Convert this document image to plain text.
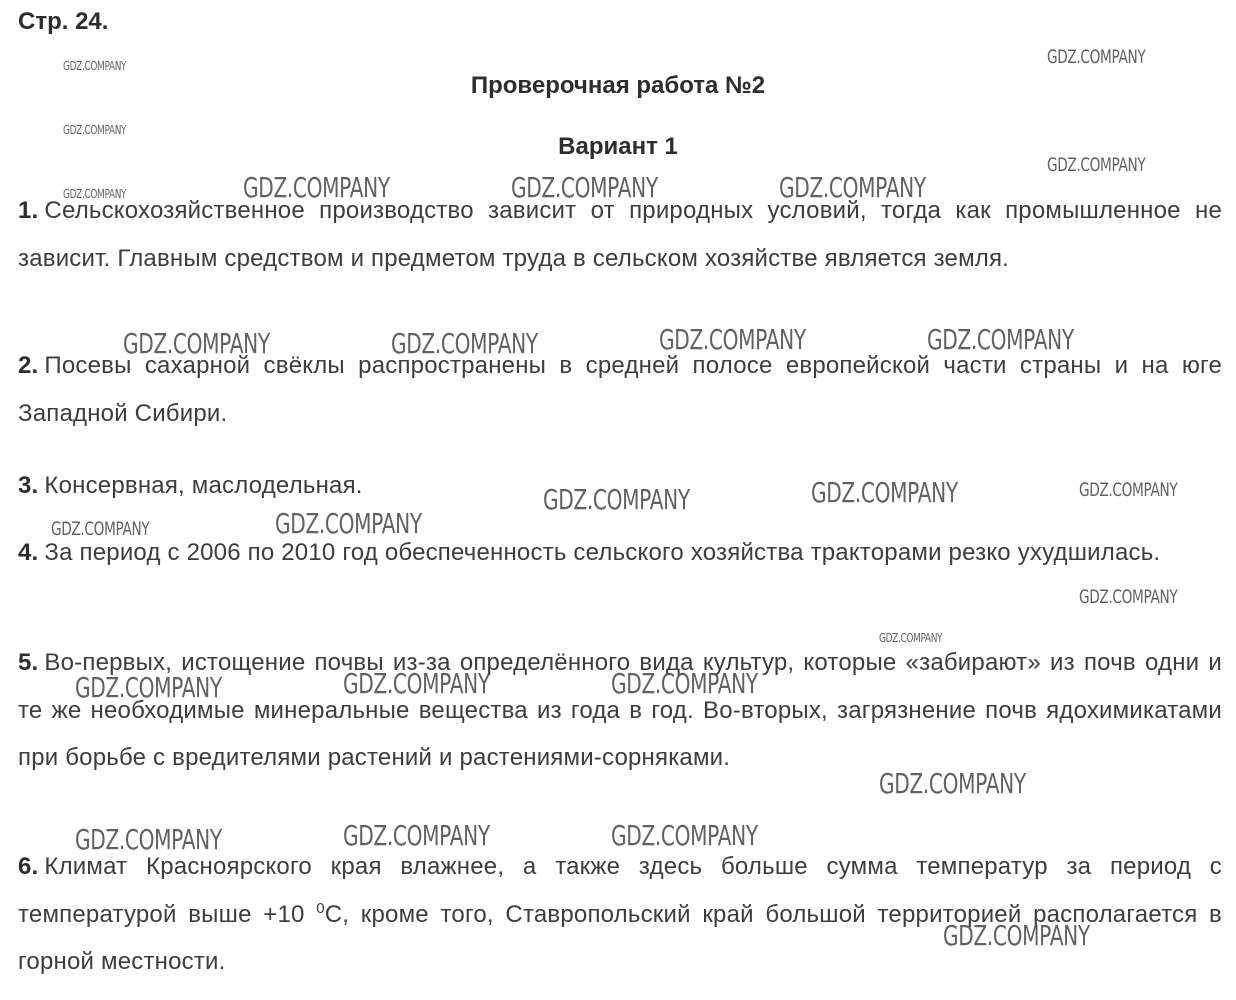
Стр. 24.
Проверочная работа №2
Вариант 1

1. Сельскохозяйственное производство зависит от природных условий, тогда как промышленное не зависит. Главным средством и предметом труда в сельском хозяйстве является земля.

2. Посевы сахарной свёклы распространены в средней полосе европейской части страны и на юге Западной Сибири.

3. Консервная, маслодельная.

4. За период с 2006 по 2010 год обеспеченность сельского хозяйства тракторами резко ухудшилась.

5. Во-первых, истощение почвы из-за определённого вида культур, которые «забирают» из почв одни и те же необходимые минеральные вещества из года в год. Во-вторых, загрязнение почв ядохимикатами при борьбе с вредителями растений и растениями-сорняками.

6. Климат Красноярского края влажнее, а также здесь больше сумма температур за период с температурой выше +10 $^0$С, кроме того, Ставропольский край большой территорией располагается в горной местности.

GDZ.COMPANY
GDZ.COMPANY
GDZ.COMPANY
GDZ.COMPANY
GDZ.COMPANY
GDZ.COMPANY	GDZ.COMPANY	GDZ.COMPANY
GDZ.COMPANY	GDZ.COMPANY	GDZ.COMPANY	GDZ.COMPANY
GDZ.COMPANY	GDZ.COMPANY	GDZ.COMPANY
GDZ.COMPANY	GDZ.COMPANY
GDZ.COMPANY
GDZ.COMPANY
GDZ.COMPANY	GDZ.COMPANY	GDZ.COMPANY
GDZ.COMPANY
GDZ.COMPANY	GDZ.COMPANY	GDZ.COMPANY
GDZ.COMPANY
